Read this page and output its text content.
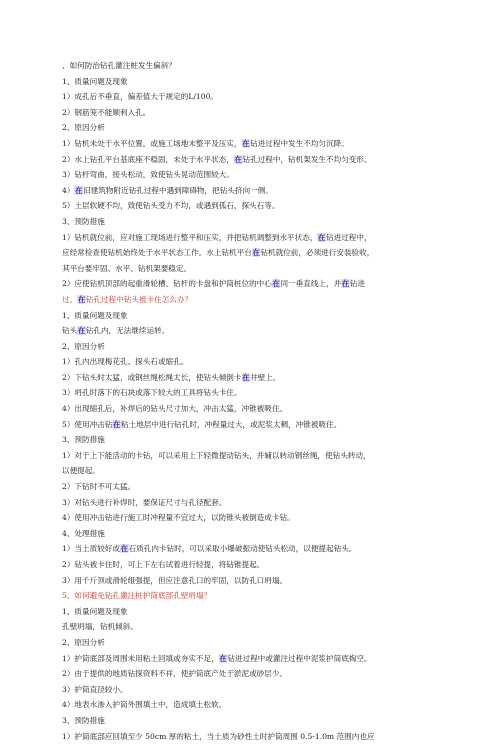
、如何防治钻孔灌注桩发生偏斜？
1、质量问题及现象
1）成孔后不垂直，偏差值大于规定的L/100。
2）钢筋笼不能顺利入孔。
2、原因分析
1）钻机未处于水平位置，或施工场地未整平及压实，在钻进过程中发生不均匀沉降。
2）水上钻孔平台基底座不稳固，未处于水平状态，在钻孔过程中，钻机架发生不均匀变形。
3）钻杆弯曲，接头松动，致使钻头晃动范围较大。
4）在旧建筑物附近钻孔过程中遇到障碍物，把钻头挤向一侧。
5）土层软硬不均，致使钻头受力不均，或遇到孤石，探头石等。
3、预防措施
1）钻机就位前，应对施工现场进行整平和压实，并把钻机调整到水平状态，在钻进过程中，
应经常检查使钻机始终处于水平状态工作。水上钻机平台在钻机就位前，必须进行安装验收，
其平台要牢固、水平、钻机架要稳定。
2）应使钻机顶部的起重滑轮槽、钻杆的卡盘和护筒桩位的中心在同一垂直线上，并在钻进
过、在钻孔过程中钻头被卡住怎么办？
1、质量问题及现象
钻头在钻孔内，无法继续运转。
2、原因分析
1）孔内出现梅花孔、探头石或缩孔。
2）下钻头时太猛，或钢丝绳松绳太长，使钻头倾倒卡在井壁上。
3）坍孔时落下的石块或落下较大的工具将钻头卡住。
4）出现缩孔后，补焊后的钻头尺寸加大，冲击太猛，冲锥被吸住。
5）使用冲击钻在粘土地层中进行钻孔时，冲程量过大，或泥浆太稠，冲锥被吸住。
3、预防措施
1）对于上下能活动的卡钻，可以采用上下轻微提动钻头，并辅以转动钢丝绳，使钻头转动，
以便提起。
2）下钻时不可太猛。
3）对钻头进行补焊时，要保证尺寸与孔径配套。
4）使用冲击钻进行施工时冲程量不宜过大，以防锥头被倒造成卡钻。
4、处理措施
1）当土质较好或在石质孔内卡钻时，可以采取小爆破振动使钻头松动，以便提起钻头。
2）钻头被卡住时，可上下左右试着进行轻提，将钻锥提起。
3）用千斤顶或滑轮组强提，但应注意孔口的牢固，以防孔口坍塌。
5、如何避免钻孔灌注桩护筒底部孔壁坍塌？
1、质量问题及现象
孔壁坍塌，钻机倾斜。
2、原因分析
1）护筒底部及周围未用粘土回填或夯实不足，在钻进过程中或灌注过程中泥浆护筒底掏空。
2）由于提供的地质钻探资料不祥，使护筒底产处于淤泥或砂层少。
3）护筒直径较小。
4）地表水渗入护筒外围填土中，造成填土松软。
3、预防措施
1）护筒底部应回填至少 50cm 厚的粘土，当土质为砂性土时护筒周围 0.5-1.0m 范围内也应
